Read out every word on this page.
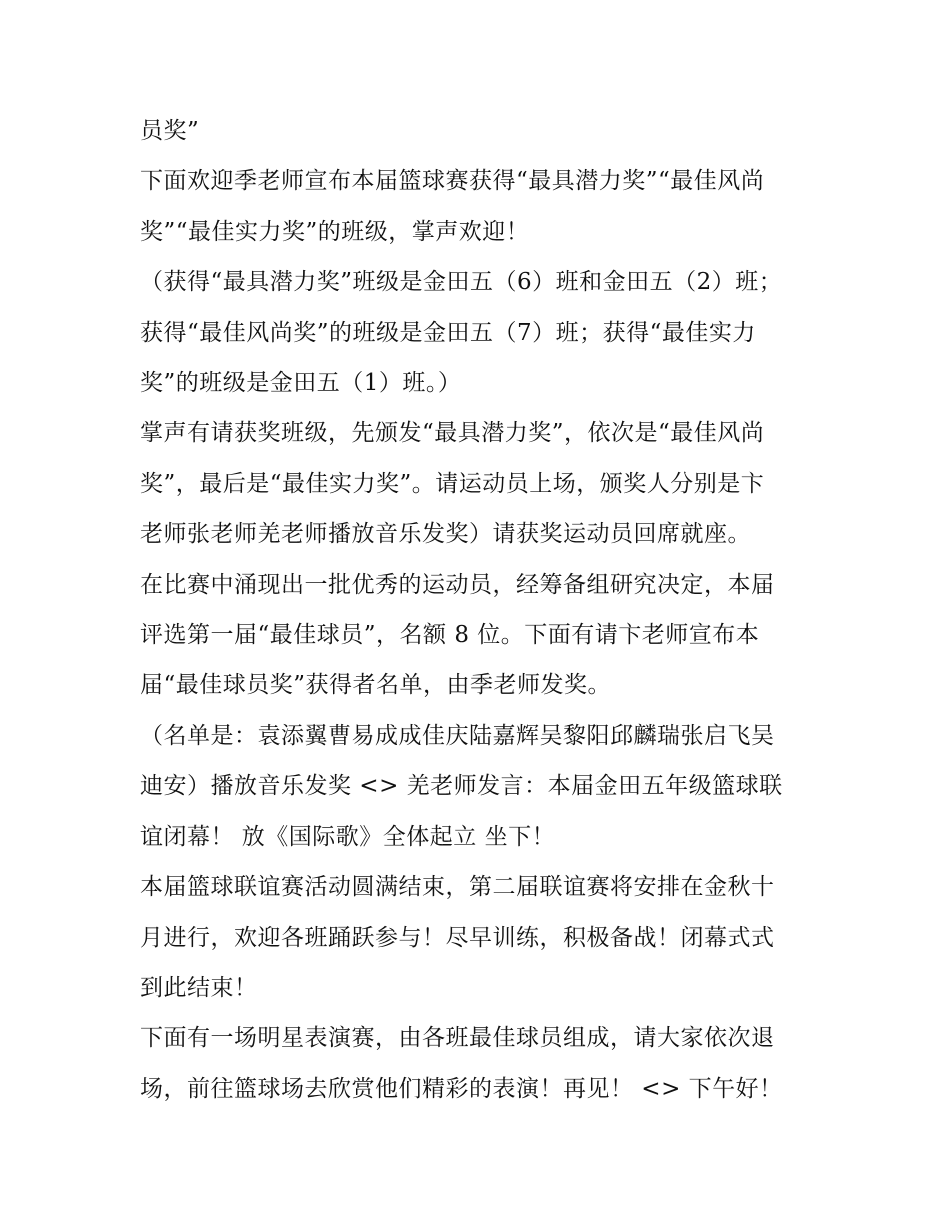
员奖”
下面欢迎季老师宣布本届篮球赛获得“最具潜力奖”“最佳风尚
奖”“最佳实力奖”的班级，掌声欢迎！
（获得“最具潜力奖”班级是金田五（6）班和金田五（2）班；
获得“最佳风尚奖”的班级是金田五（7）班；获得“最佳实力
奖”的班级是金田五（1）班。）
掌声有请获奖班级，先颁发“最具潜力奖”，依次是“最佳风尚
奖”，最后是“最佳实力奖”。请运动员上场，颁奖人分别是卞
老师张老师羌老师播放音乐发奖）请获奖运动员回席就座。
在比赛中涌现出一批优秀的运动员，经筹备组研究决定，本届
评选第一届“最佳球员”，名额 8 位。下面有请卞老师宣布本
届“最佳球员奖”获得者名单，由季老师发奖。
（名单是：袁添翼曹易成成佳庆陆嘉辉吴黎阳邱麟瑞张启飞吴
迪安）播放音乐发奖 <> 羌老师发言：本届金田五年级篮球联
谊闭幕！ 放《国际歌》全体起立 坐下！
本届篮球联谊赛活动圆满结束，第二届联谊赛将安排在金秋十
月进行，欢迎各班踊跃参与！尽早训练，积极备战！闭幕式式
到此结束！
下面有一场明星表演赛，由各班最佳球员组成，请大家依次退
场，前往篮球场去欣赏他们精彩的表演！再见！ <> 下午好！
